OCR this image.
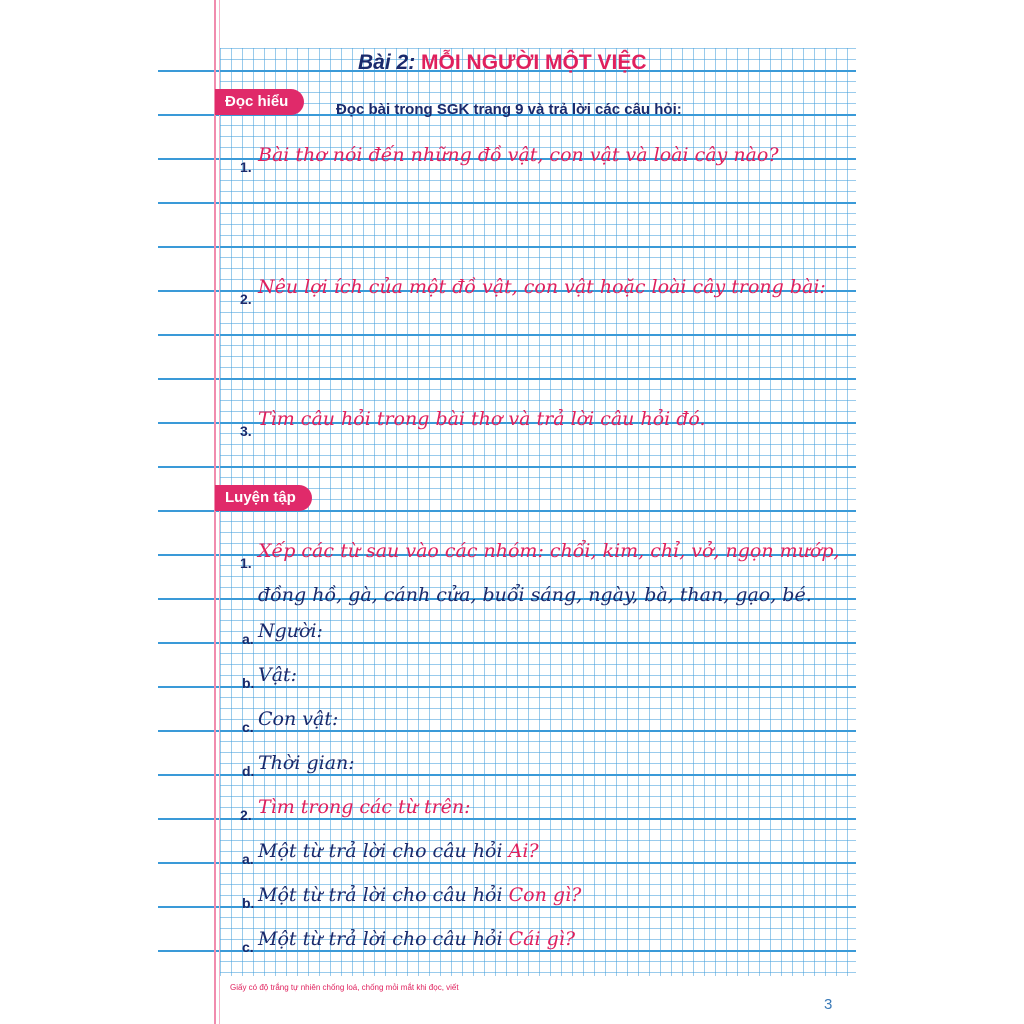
Bài 2: MỖI NGƯỜI MỘT VIỆC
Đọc hiểu	Đọc bài trong SGK trang 9 và trả lời các câu hỏi:
1.
Bài thơ nói đến những đồ vật, con vật và loài cây nào?
2.
Nêu lợi ích của một đồ vật, con vật hoặc loài cây trong bài:
3.
Tìm câu hỏi trong bài thơ và trả lời câu hỏi đó.
Luyện tập
1.
Xếp các từ sau vào các nhóm: chổi, kim, chỉ, vở, ngọn mướp,
đồng hồ, gà, cánh cửa, buổi sáng, ngày, bà, than, gạo, bé.
a. Người:
b. Vật:
c. Con vật:
d. Thời gian:
2. Tìm trong các từ trên:
a. Một từ trả lời cho câu hỏi Ai?
b. Một từ trả lời cho câu hỏi Con gì?
c. Một từ trả lời cho câu hỏi Cái gì?
Giấy có độ trắng tự nhiên chống loá, chống mỏi mắt khi đọc, viết
3
